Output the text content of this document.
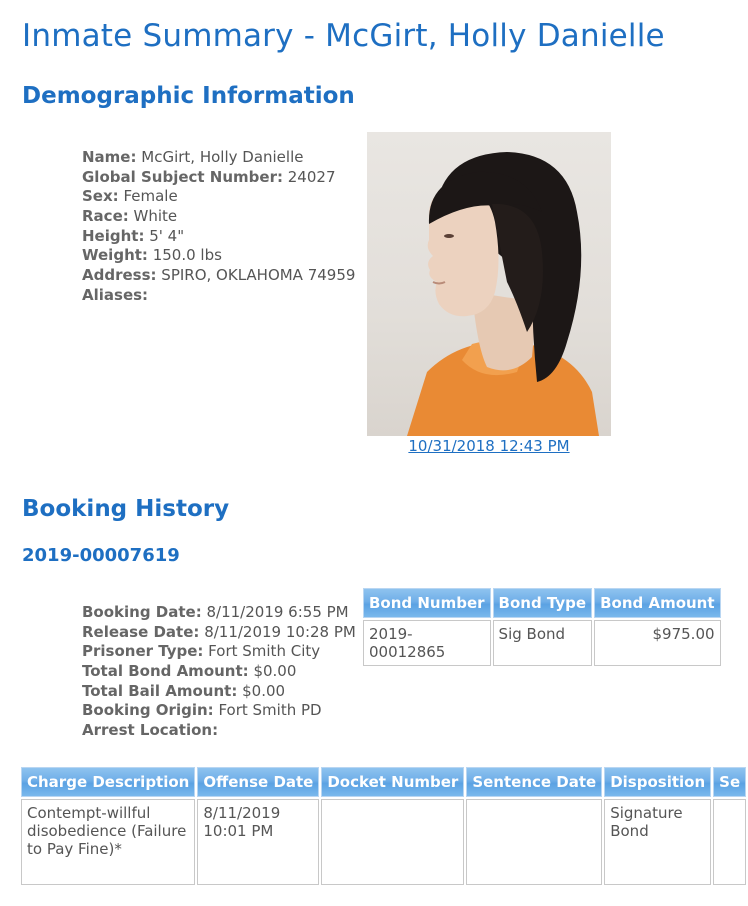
Inmate Summary - McGirt, Holly Danielle
Demographic Information
Name: McGirt, Holly Danielle
Global Subject Number: 24027
Sex: Female
Race: White
Height: 5' 4"
Weight: 150.0 lbs
Address: SPIRO, OKLAHOMA 74959
Aliases:
10/31/2018 12:43 PM
Booking History
2019-00007619
Booking Date: 8/11/2019 6:55 PM
Release Date: 8/11/2019 10:28 PM
Prisoner Type: Fort Smith City
Total Bond Amount: $0.00
Total Bail Amount: $0.00
Booking Origin: Fort Smith PD
Arrest Location:
Bond Number	Bond Type	Bond Amount
2019-00012865	Sig Bond	$975.00
Charge Description	Offense Date	Docket Number	Sentence Date	Disposition	Se
Contempt-willful disobedience (Failure to Pay Fine)*	8/11/2019 10:01 PM			Signature Bond	
